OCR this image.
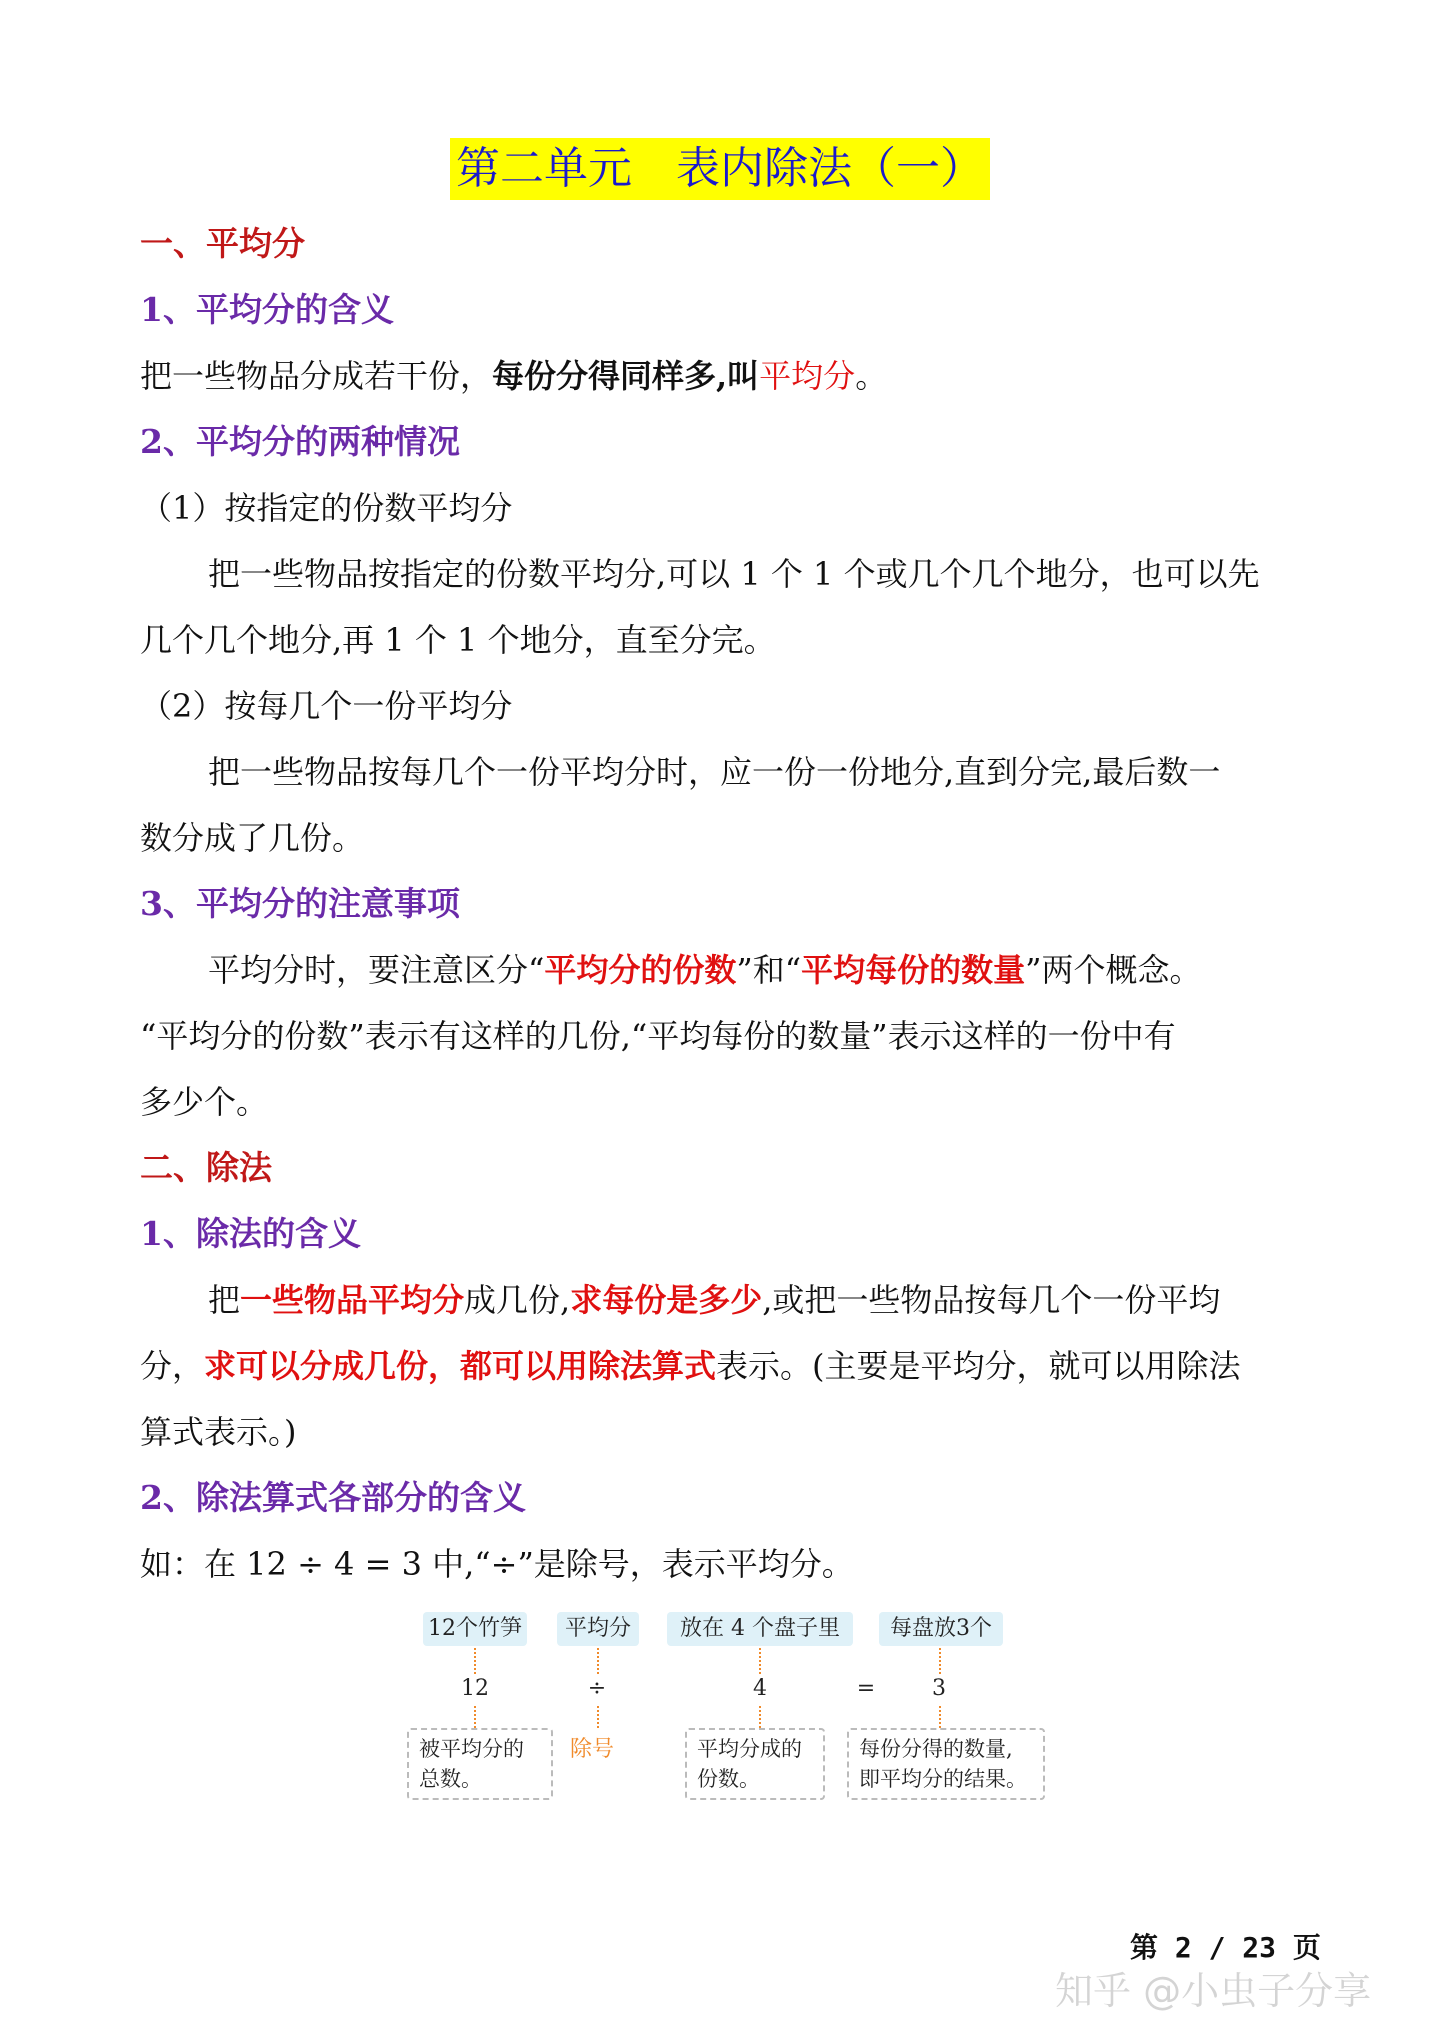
第二单元　表内除法（一）
一、平均分
1、平均分的含义
把一些物品分成若干份，每份分得同样多,叫平均分。
2、平均分的两种情况
（1）按指定的份数平均分
把一些物品按指定的份数平均分,可以 1 个 1 个或几个几个地分，也可以先
几个几个地分,再 1 个 1 个地分，直至分完。
（2）按每几个一份平均分
把一些物品按每几个一份平均分时，应一份一份地分,直到分完,最后数一
数分成了几份。
3、平均分的注意事项
平均分时，要注意区分“平均分的份数”和“平均每份的数量”两个概念。
“平均分的份数”表示有这样的几份,“平均每份的数量”表示这样的一份中有
多少个。
二、除法
1、除法的含义
把一些物品平均分成几份,求每份是多少,或把一些物品按每几个一份平均
分，求可以分成几份，都可以用除法算式表示。(主要是平均分，就可以用除法
算式表示。)
2、除法算式各部分的含义
如：在 12 ÷ 4 = 3 中,“÷”是除号，表示平均分。
12个竹笋	平均分	放在 4 个盘子里	每盘放3个
12	÷	4	=	3
被平均分的
总数。
除号	平均分成的
份数。
每份分得的数量,
即平均分的结果。
第 2 / 23 页
知乎 @小虫子分享
